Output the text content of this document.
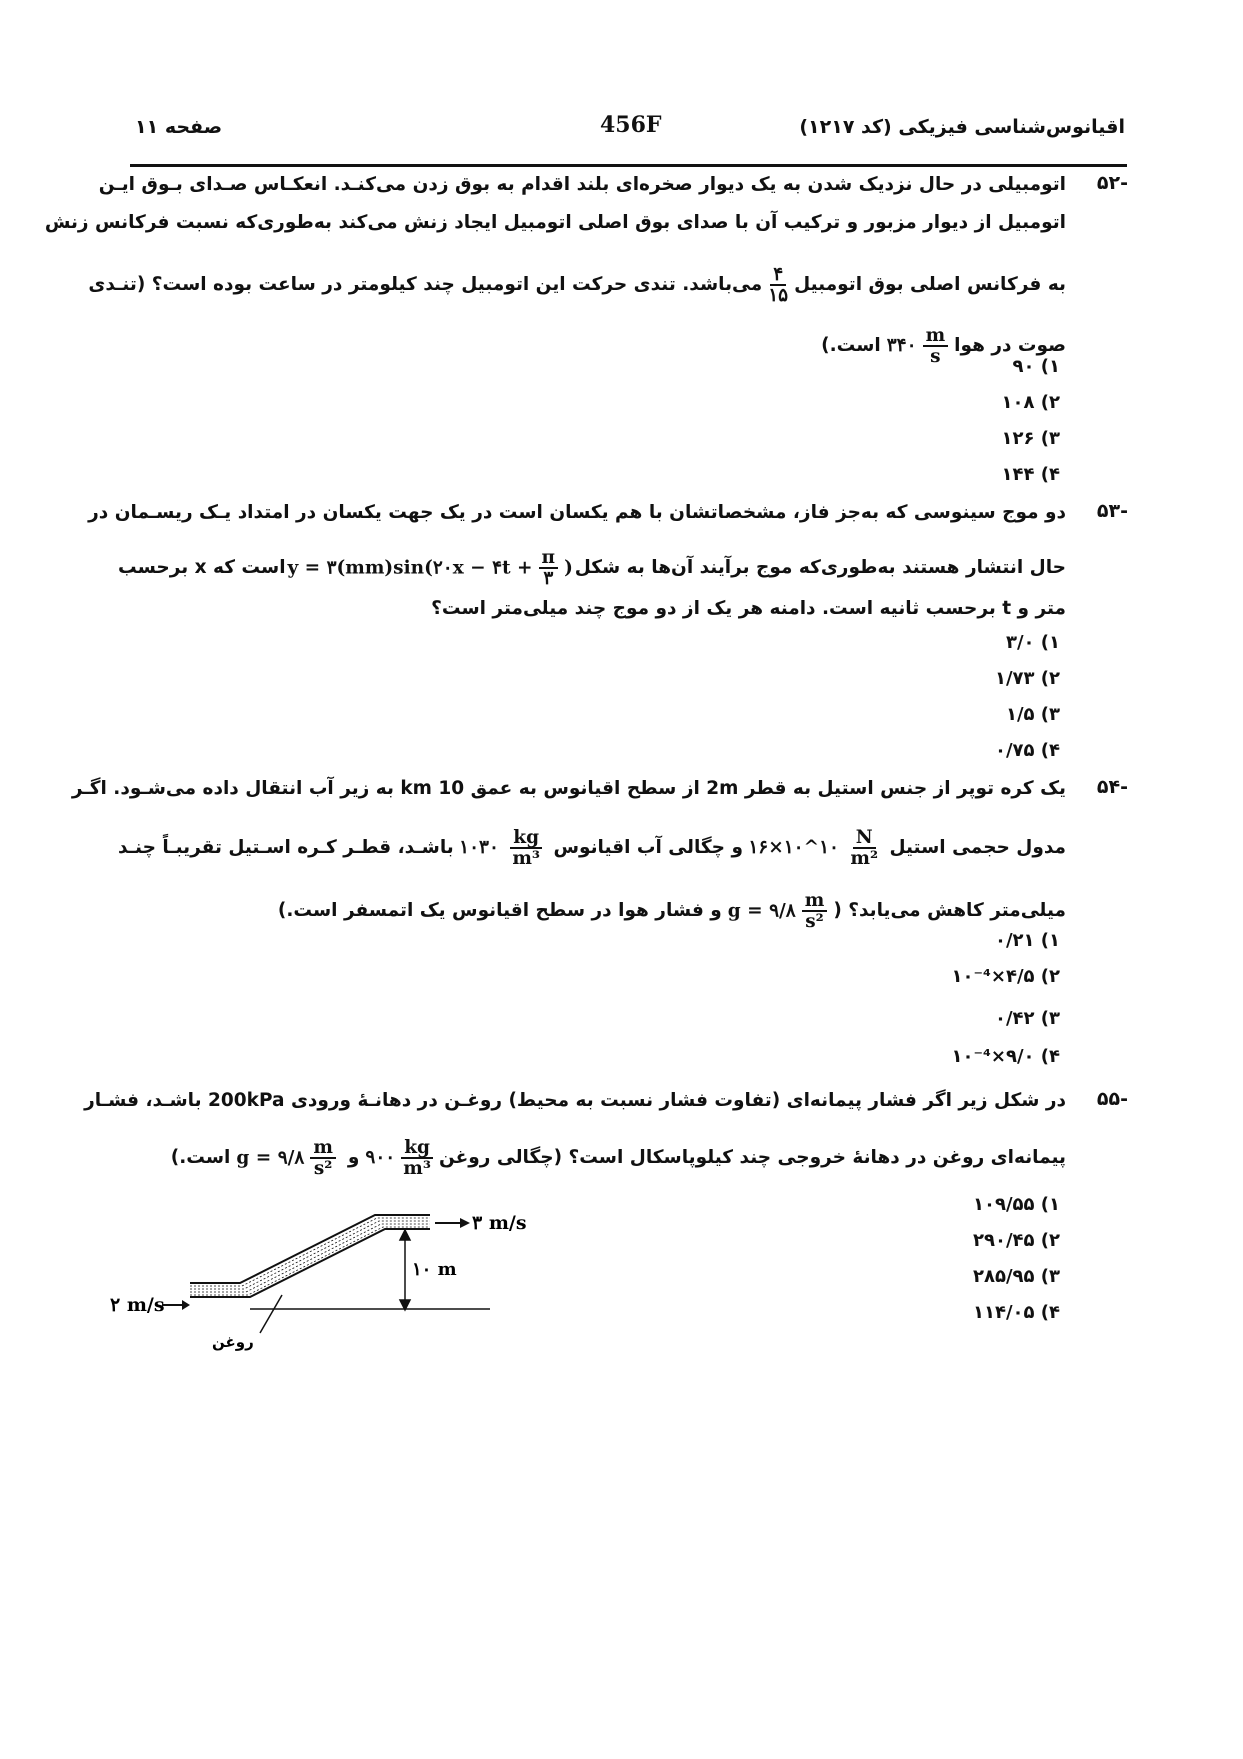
اقیانوس‌شناسی فیزیکی (کد ۱۲۱۷)
456F
صفحه ۱۱
-۵۲
اتومبیلی در حال نزدیک شدن به یک دیوار صخره‌ای بلند اقدام به بوق زدن می‌کنـد. انعکـاس صـدای بـوق ایـن
اتومبیل از دیوار مزبور و ترکیب آن با صدای بوق اصلی اتومبیل ایجاد زنش می‌کند به‌طوری‌که نسبت فرکانس زنش
به فرکانس اصلی بوق اتومبیل
$\frac{۴}{۱۵}$
می‌باشد. تندی حرکت این اتومبیل چند کیلومتر در ساعت بوده است؟ (تنـدی
صوت در هوا
$\frac{m}{s}$
۳۴۰
است.)
۱) ۹۰
۲) ۱۰۸
۳) ۱۲۶
۴) ۱۴۴
-۵۳
دو موج سینوسی که به‌جز فاز، مشخصاتشان با هم یکسان است در یک جهت یکسان در امتداد یـک ریسـمان در
حال انتشار هستند به‌طوری‌که موج برآیند آن‌ها به شکل
y = ۳(mm)sin(۲۰x − ۴t + $\frac{\pi}{۳}$ )
است که x برحسب
متر و t برحسب ثانیه است. دامنه هر یک از دو موج چند میلی‌متر است؟
۱) ۳/۰
۲) ۱/۷۳
۳) ۱/۵
۴) ۰/۷۵
-۵۴
یک کره توپر از جنس استیل به قطر 2m از سطح اقیانوس به عمق 10 km به زیر آب انتقال داده می‌شـود. اگـر
مدول حجمی استیل
$\frac{N}{\text{m²}}$
۱۶×۱۰^۱۰
و چگالی آب اقیانوس
$\frac{kg}{\text{m³}}$
۱۰۳۰
باشـد، قطـر کـره اسـتیل تقریبـاً چنـد
میلی‌متر کاهش می‌یابد؟ (
g = ۹/۸ $\frac{m}{\text{s²}}$
و فشار هوا در سطح اقیانوس یک اتمسفر است.)
۱) ۰/۲۱
۲) ۴/۵×۱۰⁻⁴
۳) ۰/۴۲
۴) ۹/۰×۱۰⁻⁴
-۵۵
در شکل زیر اگر فشار پیمانه‌ای (تفاوت فشار نسبت به محیط) روغـن در دهانـهٔ ورودی 200kPa باشـد، فشـار
پیمانه‌ای روغن در دهانهٔ خروجی چند کیلوپاسکال است؟ (چگالی روغن
$\frac{kg}{\text{m³}}$
۹۰۰
و
g = ۹/۸ $\frac{m}{\text{s²}}$
است.)
۱) ۱۰۹/۵۵
۲) ۲۹۰/۴۵
۳) ۲۸۵/۹۵
۴) ۱۱۴/۰۵
۳ m/s
۲ m/s
۱۰ m
روغن
